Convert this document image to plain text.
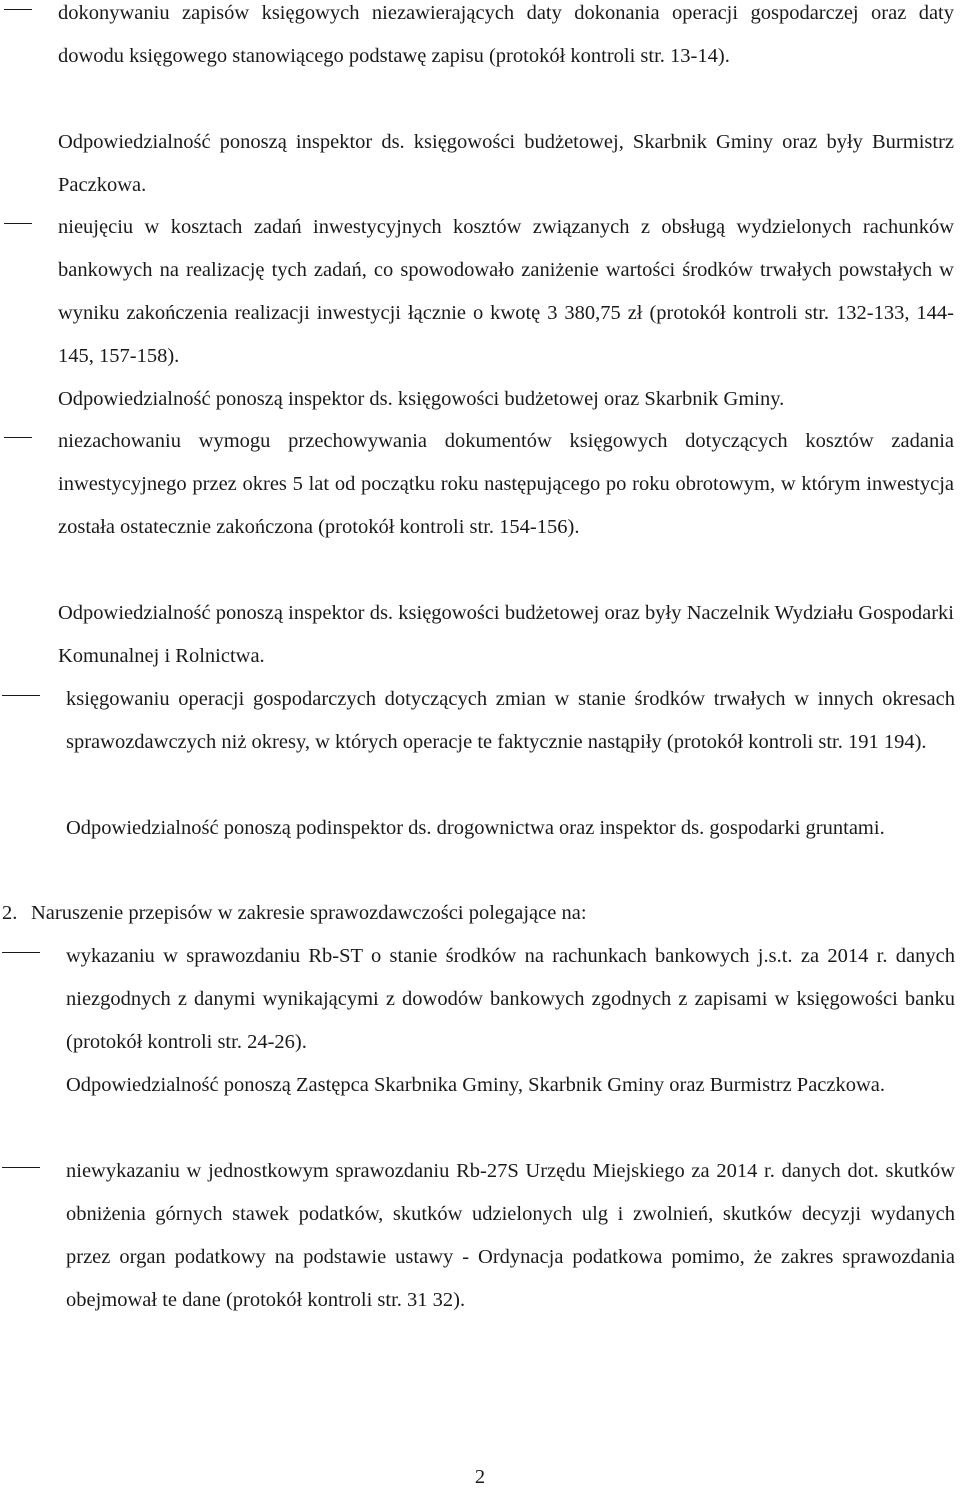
dokonywaniu zapisów księgowych niezawierających daty dokonania operacji gospodarczej oraz daty dowodu księgowego stanowiącego podstawę zapisu (protokół kontroli str. 13-14).
Odpowiedzialność ponoszą inspektor ds. księgowości budżetowej, Skarbnik Gminy oraz były Burmistrz Paczkowa.
nieujęciu w kosztach zadań inwestycyjnych kosztów związanych z obsługą wydzielonych rachunków bankowych na realizację tych zadań, co spowodowało zaniżenie wartości środków trwałych powstałych w wyniku zakończenia realizacji inwestycji łącznie o kwotę 3 380,75 zł (protokół kontroli str. 132-133, 144-145, 157-158).
Odpowiedzialność ponoszą inspektor ds. księgowości budżetowej oraz Skarbnik Gminy.
niezachowaniu wymogu przechowywania dokumentów księgowych dotyczących kosztów zadania inwestycyjnego przez okres 5 lat od początku roku następującego po roku obrotowym, w którym inwestycja została ostatecznie zakończona (protokół kontroli str. 154-156).
Odpowiedzialność ponoszą inspektor ds. księgowości budżetowej oraz były Naczelnik Wydziału Gospodarki Komunalnej i Rolnictwa.
księgowaniu operacji gospodarczych dotyczących zmian w stanie środków trwałych w innych okresach sprawozdawczych niż okresy, w których operacje te faktycznie nastąpiły (protokół kontroli str. 191 194).
Odpowiedzialność ponoszą podinspektor ds. drogownictwa oraz inspektor ds. gospodarki gruntami.
2. Naruszenie przepisów w zakresie sprawozdawczości polegające na:
wykazaniu w sprawozdaniu Rb-ST o stanie środków na rachunkach bankowych j.s.t. za 2014 r. danych niezgodnych z danymi wynikającymi z dowodów bankowych zgodnych z zapisami w księgowości banku (protokół kontroli str. 24-26).
Odpowiedzialność ponoszą Zastępca Skarbnika Gminy, Skarbnik Gminy oraz Burmistrz Paczkowa.
niewykazaniu w jednostkowym sprawozdaniu Rb-27S Urzędu Miejskiego za 2014 r. danych dot. skutków obniżenia górnych stawek podatków, skutków udzielonych ulg i zwolnień, skutków decyzji wydanych przez organ podatkowy na podstawie ustawy - Ordynacja podatkowa pomimo, że zakres sprawozdania obejmował te dane (protokół kontroli str. 31 32).
2
